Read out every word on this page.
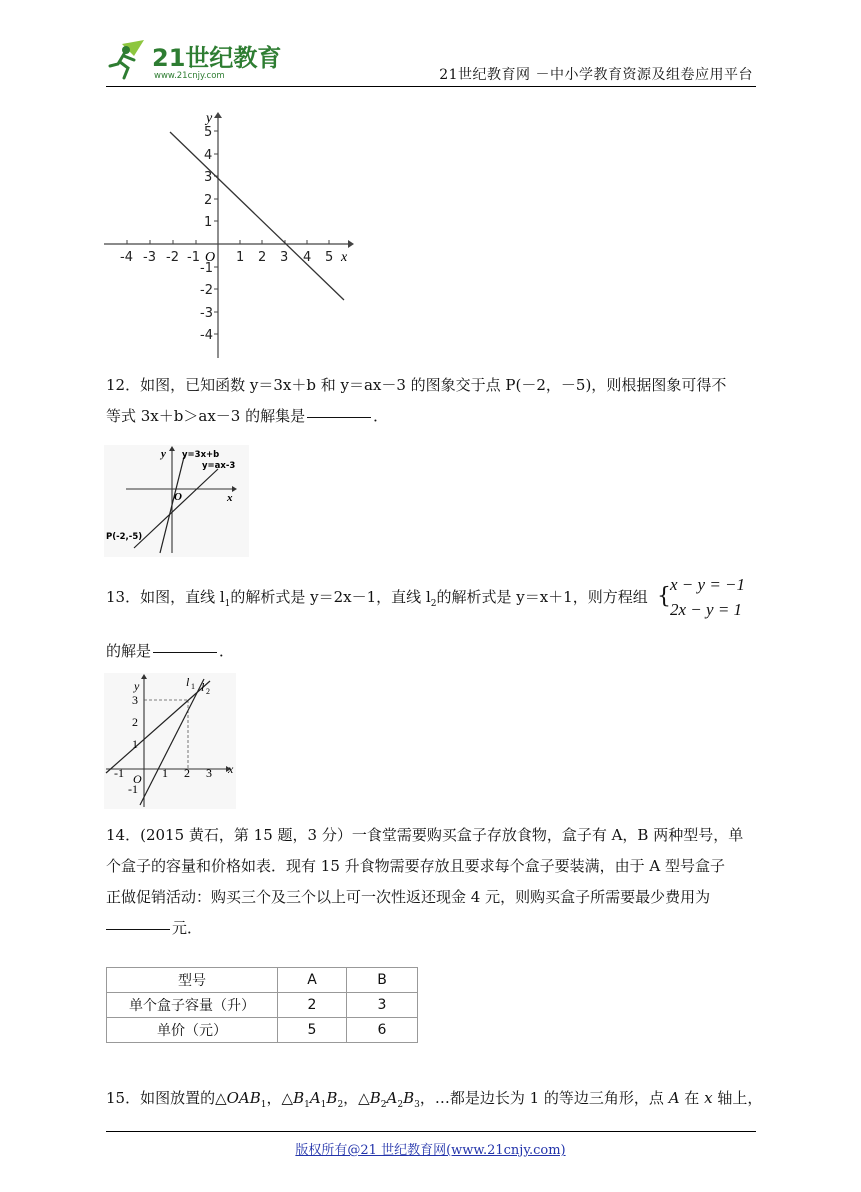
21世纪教育
www.21cnjy.com	21世纪教育网 －中小学教育资源及组卷应用平台
-4 -3 -2 -1	1 2 3 4 5
5
4
3
2
1
-1
-2
-3
-4
O	x
y
12．如图，已知函数 y＝3x＋b 和 y＝ax－3 的图象交于点 P(－2，－5)，则根据图象可得不
等式 3x＋b＞ax－3 的解集是	．
y=3x+b
y=ax-3
P(-2,-5)
y
x
O
13．如图，直线 $l_1$的解析式是 y＝2x－1，直线 $l_2$的解析式是 y＝x＋1，则方程组 { x − y = −1
2x − y = 1
的解是	．
y
x
O
l 1 l 2
-1	1 2 3
3
2
1
-1
14．(2015 黄石，第 15 题，3 分）一食堂需要购买盒子存放食物，盒子有 A，B 两种型号，单
个盒子的容量和价格如表．现有 15 升食物需要存放且要求每个盒子要装满，由于 A 型号盒子
正做促销活动：购买三个及三个以上可一次性返还现金 4 元，则购买盒子所需要最少费用为
元．
型号	A	B
单个盒子容量（升）	2	3
单价（元）	5	6
15．如图放置的$\triangle OAB_1$，$\triangle B_1A_1B_2$，$\triangle B_2A_2B_3$，…都是边长为 1 的等边三角形，点 A 在 x 轴上，
版权所有@21 世纪教育网(www.21cnjy.com)
